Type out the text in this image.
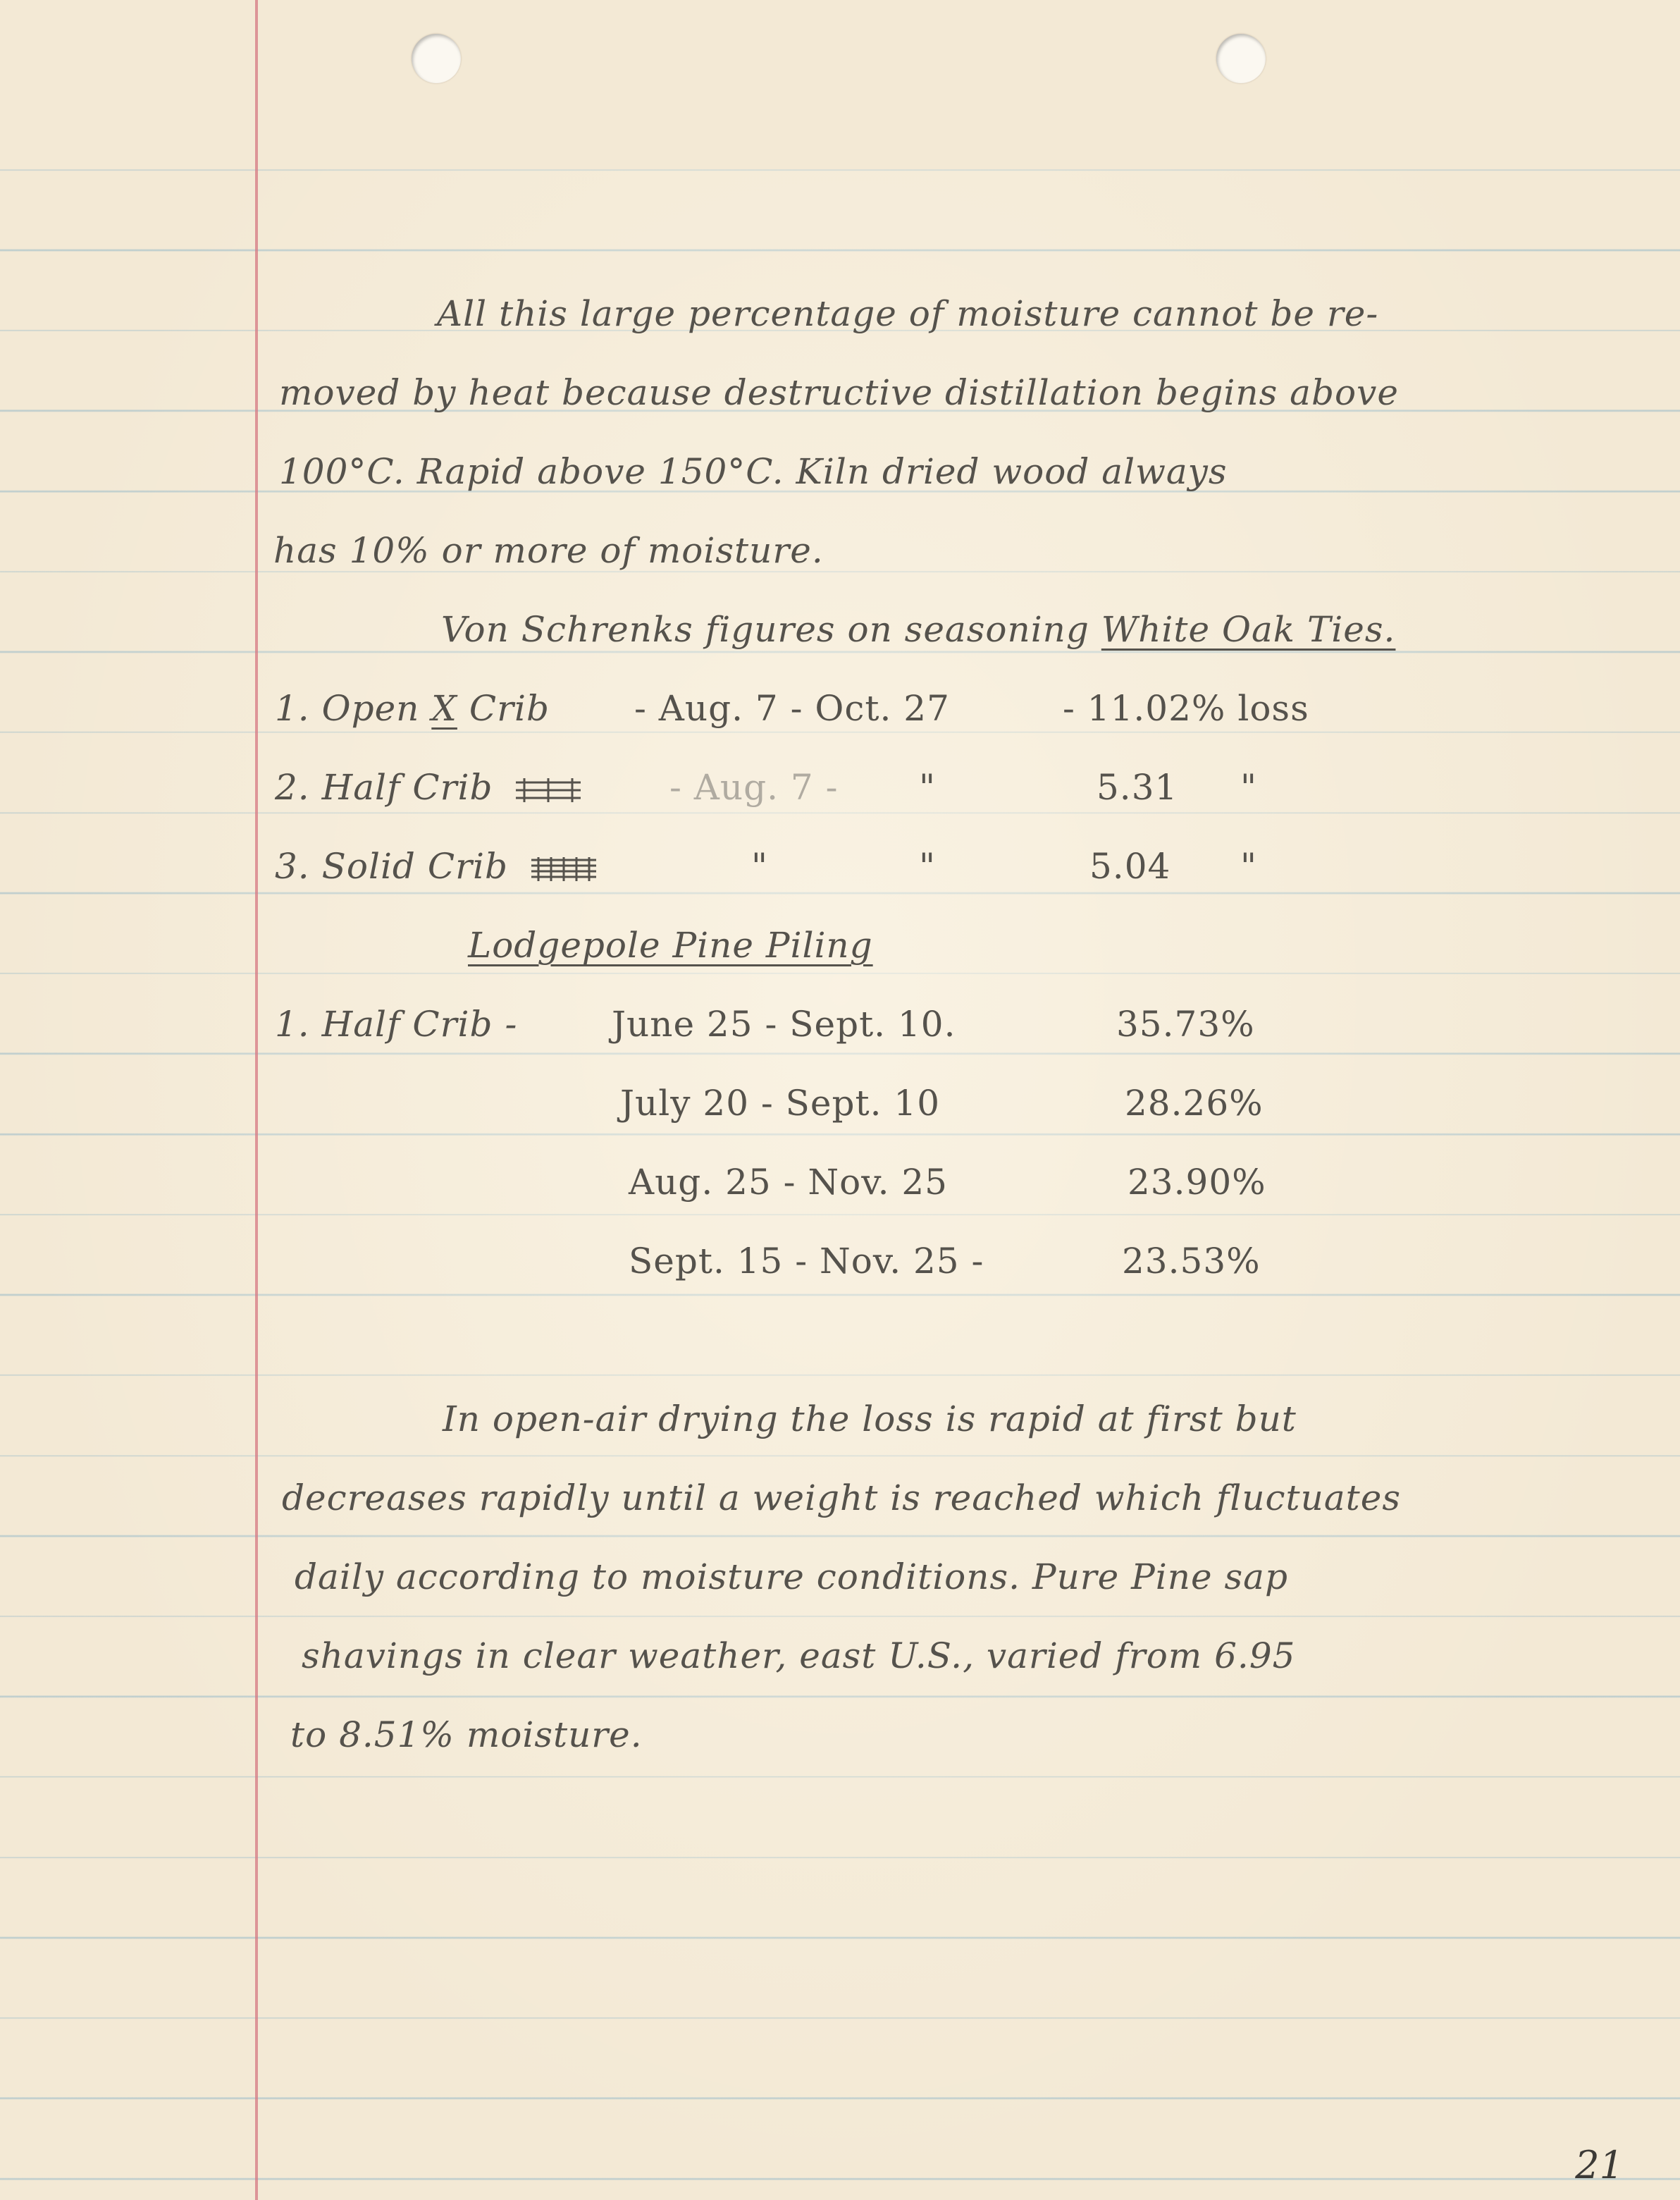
All this large percentage of moisture cannot be re-
moved by heat because destructive distillation begins above
100°C. Rapid above 150°C. Kiln dried wood always
has 10% or more of moisture.
Von Schrenks figures on seasoning White Oak Ties.
1. Open X Crib - Aug. 7 - Oct. 27	- 11.02% loss
2. Half Crib	- Aug. 7 - "	5.31 "
3. Solid Crib	"	"	5.04 "
Lodgepole Pine Piling
1. Half Crib -	June 25 - Sept. 10.	35.73%
July 20 - Sept. 10	28.26%
Aug. 25 - Nov. 25	23.90%
Sept. 15 - Nov. 25 -	23.53%
In open-air drying the loss is rapid at first but
decreases rapidly until a weight is reached which fluctuates
daily according to moisture conditions. Pure Pine sap
shavings in clear weather, east U.S., varied from 6.95
to 8.51% moisture.
21
